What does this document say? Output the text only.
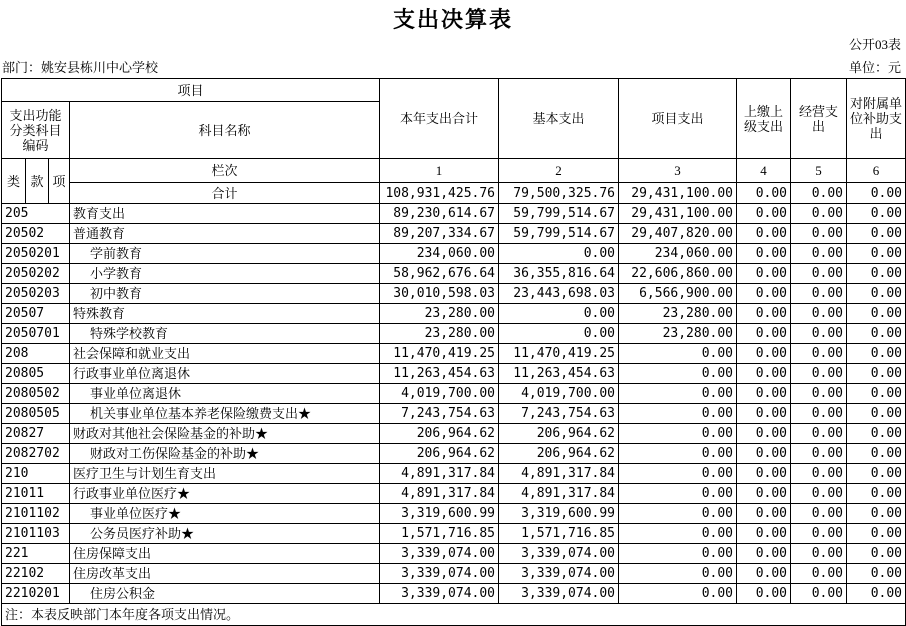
支出决算表
公开03表
部门：姚安县栋川中心学校	单位：元
项目				本年支出合计	基本支出	项目支出	上缴上级支出	经营支出	对附属单位补助支出
支出功能分类科目编码			科目名称						
类	款	项	栏次	1	2	3	4	5	6
			合计	108,931,425.76	79,500,325.76	29,431,100.00	0.00	0.00	0.00
205			教育支出	89,230,614.67	59,799,514.67	29,431,100.00	0.00	0.00	0.00
20502			普通教育	89,207,334.67	59,799,514.67	29,407,820.00	0.00	0.00	0.00
2050201			学前教育	234,060.00	0.00	234,060.00	0.00	0.00	0.00
2050202			小学教育	58,962,676.64	36,355,816.64	22,606,860.00	0.00	0.00	0.00
2050203			初中教育	30,010,598.03	23,443,698.03	6,566,900.00	0.00	0.00	0.00
20507			特殊教育	23,280.00	0.00	23,280.00	0.00	0.00	0.00
2050701			特殊学校教育	23,280.00	0.00	23,280.00	0.00	0.00	0.00
208			社会保障和就业支出	11,470,419.25	11,470,419.25	0.00	0.00	0.00	0.00
20805			行政事业单位离退休	11,263,454.63	11,263,454.63	0.00	0.00	0.00	0.00
2080502			事业单位离退休	4,019,700.00	4,019,700.00	0.00	0.00	0.00	0.00
2080505			机关事业单位基本养老保险缴费支出★	7,243,754.63	7,243,754.63	0.00	0.00	0.00	0.00
20827			财政对其他社会保险基金的补助★	206,964.62	206,964.62	0.00	0.00	0.00	0.00
2082702			财政对工伤保险基金的补助★	206,964.62	206,964.62	0.00	0.00	0.00	0.00
210			医疗卫生与计划生育支出	4,891,317.84	4,891,317.84	0.00	0.00	0.00	0.00
21011			行政事业单位医疗★	4,891,317.84	4,891,317.84	0.00	0.00	0.00	0.00
2101102			事业单位医疗★	3,319,600.99	3,319,600.99	0.00	0.00	0.00	0.00
2101103			公务员医疗补助★	1,571,716.85	1,571,716.85	0.00	0.00	0.00	0.00
221			住房保障支出	3,339,074.00	3,339,074.00	0.00	0.00	0.00	0.00
22102			住房改革支出	3,339,074.00	3,339,074.00	0.00	0.00	0.00	0.00
2210201			住房公积金	3,339,074.00	3,339,074.00	0.00	0.00	0.00	0.00
注：本表反映部门本年度各项支出情况。									
